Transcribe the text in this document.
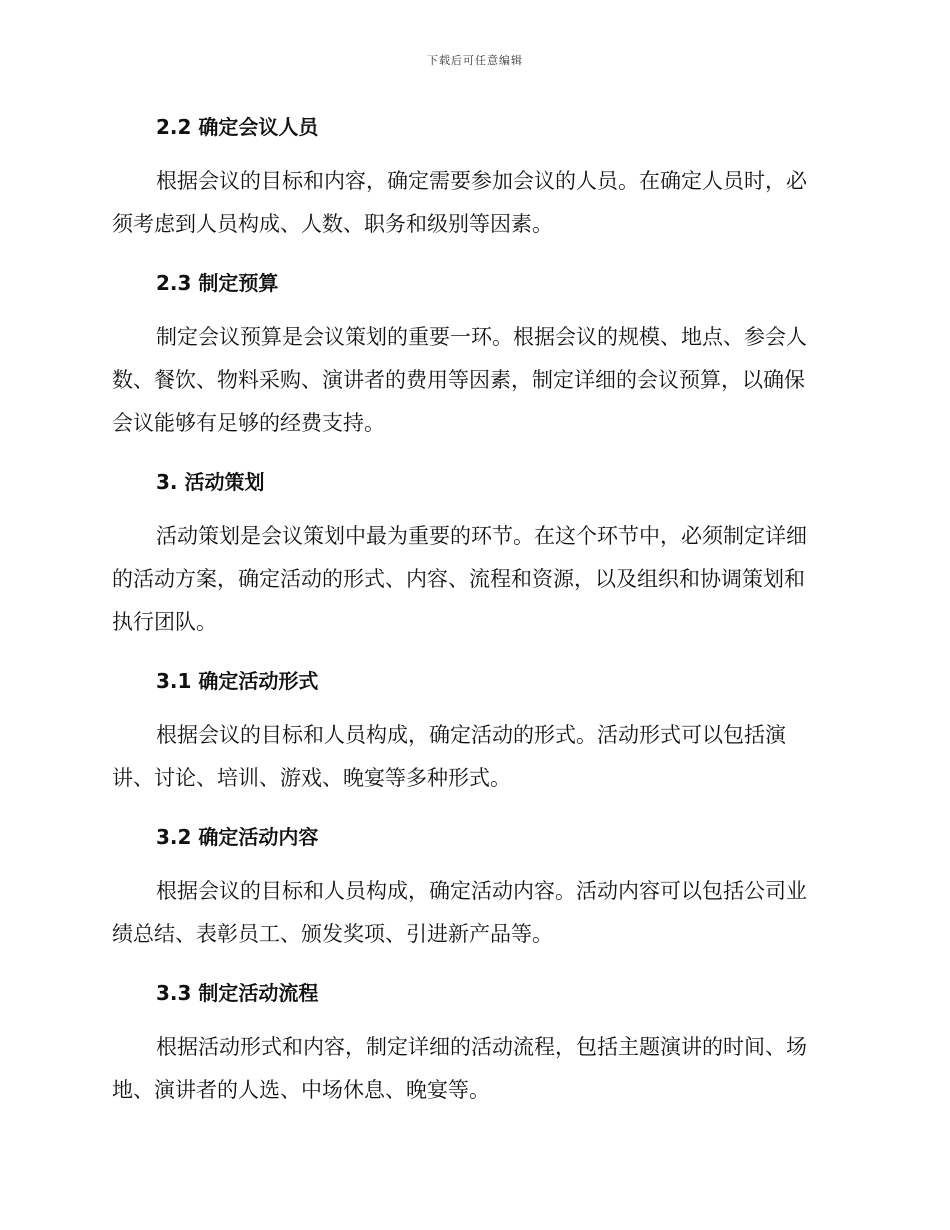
下载后可任意编辑
2.2 确定会议人员
根据会议的目标和内容，确定需要参加会议的人员。在确定人员时，必
须考虑到人员构成、人数、职务和级别等因素。
2.3 制定预算
制定会议预算是会议策划的重要一环。根据会议的规模、地点、参会人
数、餐饮、物料采购、演讲者的费用等因素，制定详细的会议预算，以确保
会议能够有足够的经费支持。
3. 活动策划
活动策划是会议策划中最为重要的环节。在这个环节中，必须制定详细
的活动方案，确定活动的形式、内容、流程和资源，以及组织和协调策划和
执行团队。
3.1 确定活动形式
根据会议的目标和人员构成，确定活动的形式。活动形式可以包括演
讲、讨论、培训、游戏、晚宴等多种形式。
3.2 确定活动内容
根据会议的目标和人员构成，确定活动内容。活动内容可以包括公司业
绩总结、表彰员工、颁发奖项、引进新产品等。
3.3 制定活动流程
根据活动形式和内容，制定详细的活动流程，包括主题演讲的时间、场
地、演讲者的人选、中场休息、晚宴等。
